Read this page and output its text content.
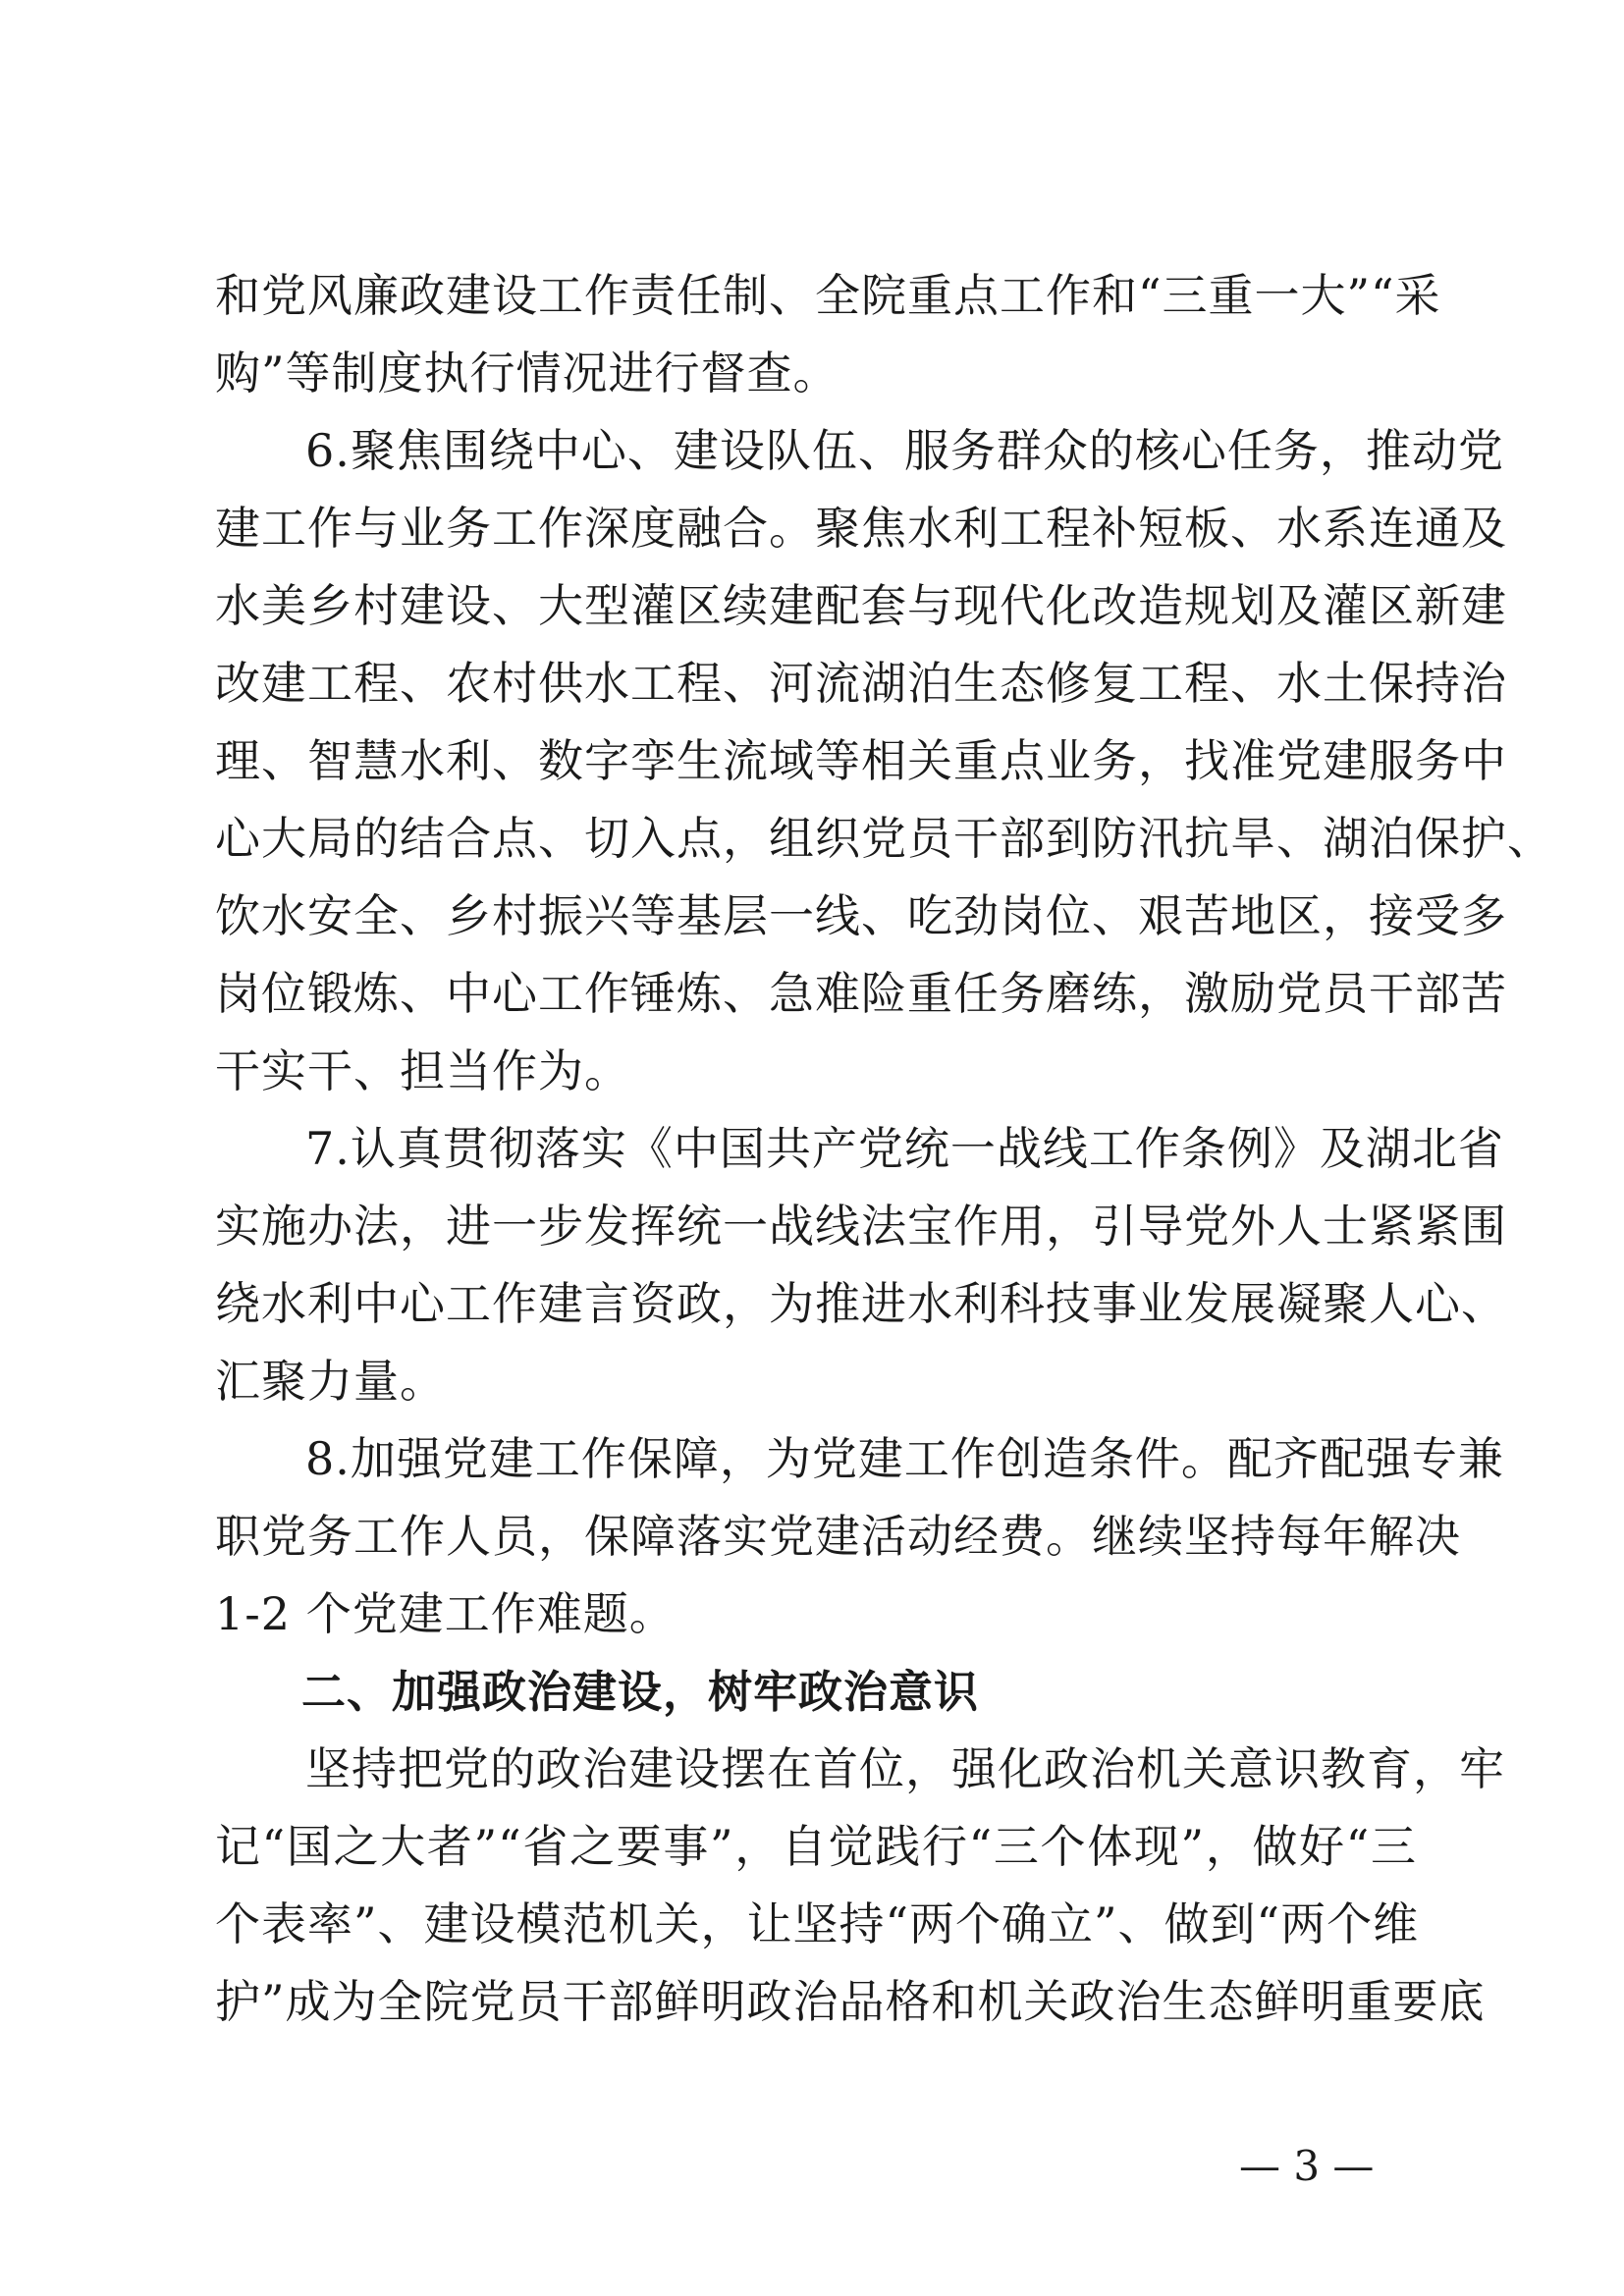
和党风廉政建设工作责任制、全院重点工作和“三重一大”“采
购”等制度执行情况进行督查。
6.聚焦围绕中心、建设队伍、服务群众的核心任务，推动党
建工作与业务工作深度融合。聚焦水利工程补短板、水系连通及
水美乡村建设、大型灌区续建配套与现代化改造规划及灌区新建
改建工程、农村供水工程、河流湖泊生态修复工程、水土保持治
理、智慧水利、数字孪生流域等相关重点业务，找准党建服务中
心大局的结合点、切入点，组织党员干部到防汛抗旱、湖泊保护、
饮水安全、乡村振兴等基层一线、吃劲岗位、艰苦地区，接受多
岗位锻炼、中心工作锤炼、急难险重任务磨练，激励党员干部苦
干实干、担当作为。
7.认真贯彻落实《中国共产党统一战线工作条例》及湖北省
实施办法，进一步发挥统一战线法宝作用，引导党外人士紧紧围
绕水利中心工作建言资政，为推进水利科技事业发展凝聚人心、
汇聚力量。
8.加强党建工作保障，为党建工作创造条件。配齐配强专兼
职党务工作人员，保障落实党建活动经费。继续坚持每年解决
1-2 个党建工作难题。
二、加强政治建设，树牢政治意识
坚持把党的政治建设摆在首位，强化政治机关意识教育，牢
记“国之大者”“省之要事”，自觉践行“三个体现”，做好“三
个表率”、建设模范机关，让坚持“两个确立”、做到“两个维
护”成为全院党员干部鲜明政治品格和机关政治生态鲜明重要底
— 3 —
